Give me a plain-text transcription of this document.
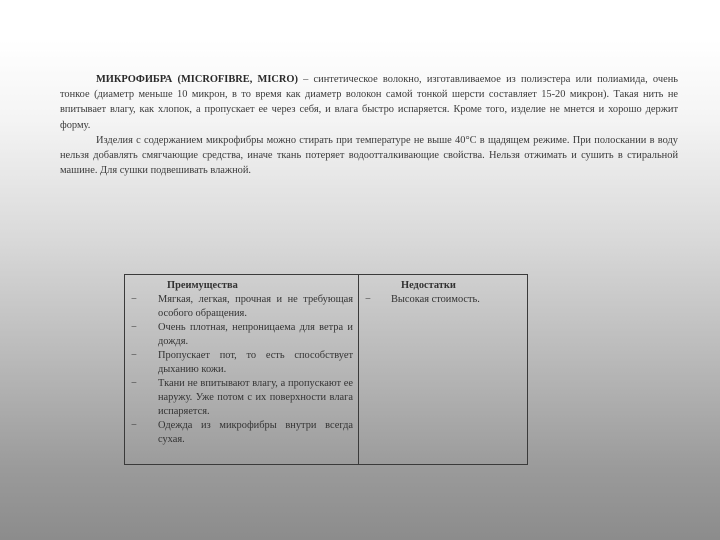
МИКРОФИБРА (MICROFIBRE, MICRO) – синтетическое волокно, изготавливаемое из полиэстера или полиамида, очень тонкое (диаметр меньше 10 микрон, в то время как диаметр волокон самой тонкой шерсти составляет 15-20 микрон). Такая нить не впитывает влагу, как хлопок, а пропускает ее через себя, и влага быстро испаряется. Кроме того, изделие не мнется и хорошо держит форму.

Изделия с содержанием микрофибры можно стирать при температуре не выше 40°С в щадящем режиме. При полоскании в воду нельзя добавлять смягчающие средства, иначе ткань потеряет водоотталкивающие свойства. Нельзя отжимать и сушить в стиральной машине. Для сушки подвешивать влажной.

Преимущества
− Мягкая, легкая, прочная и не требующая особого обращения.
− Очень плотная, непроницаема для ветра и дождя.
− Пропускает пот, то есть способствует дыханию кожи.
− Ткани не впитывают влагу, а пропускают ее наружу. Уже потом с их поверхности влага испаряется.
− Одежда из микрофибры внутри всегда сухая.
Недостатки
− Высокая стоимость.
